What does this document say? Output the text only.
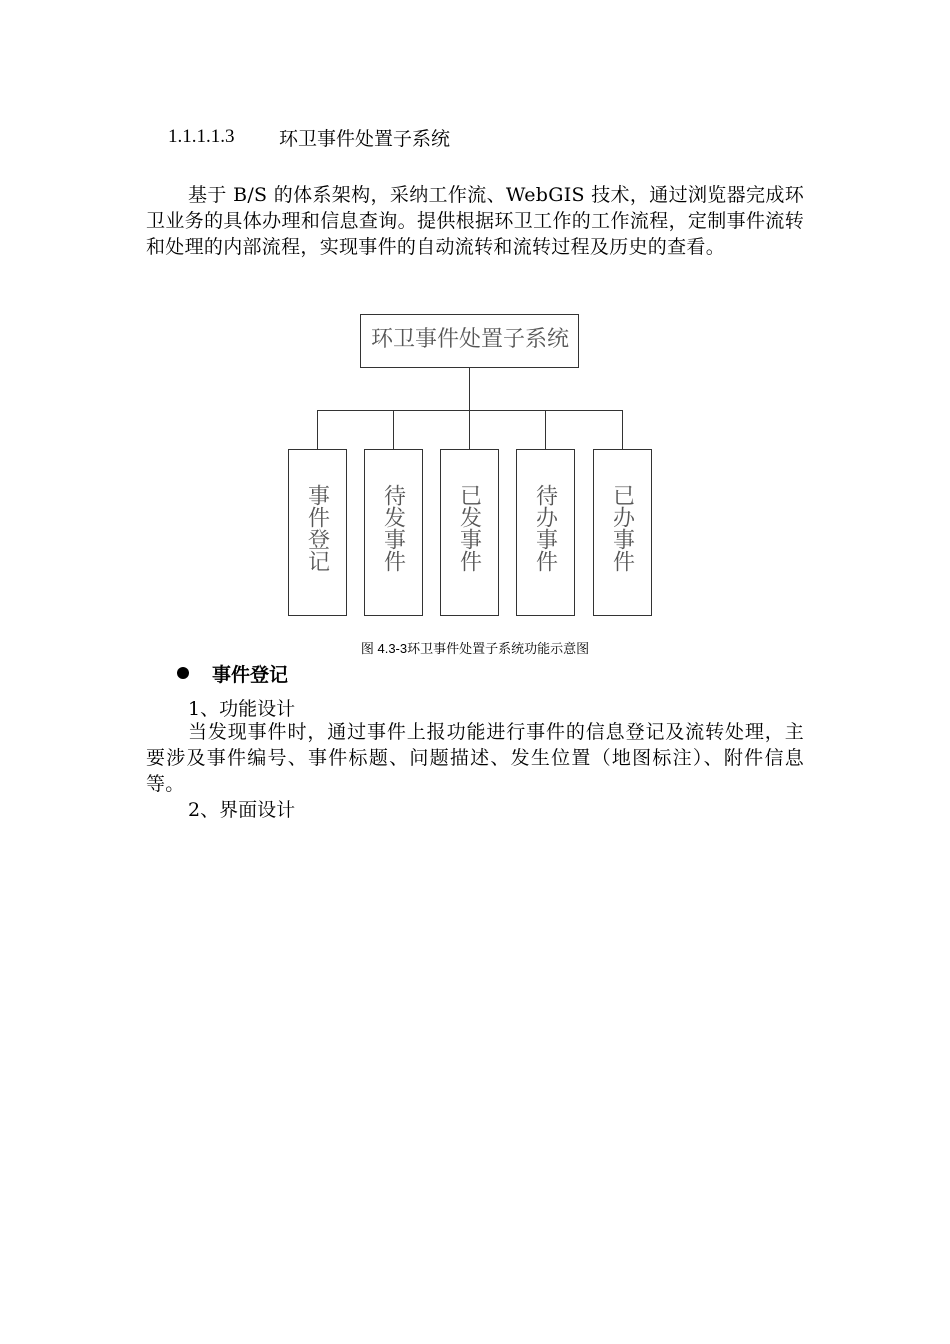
1.1.1.1.3 环卫事件处置子系统

基于 B/S 的体系架构，采纳工作流、WebGIS 技术，通过浏览器完成环卫业务的具体办理和信息查询。提供根据环卫工作的工作流程，定制事件流转和处理的内部流程，实现事件的自动流转和流转过程及历史的查看。

环卫事件处置子系统
事件登记	待发事件	已发事件	待办事件	已办事件
图 4.3-3环卫事件处置子系统功能示意图
事件登记
1、功能设计

当发现事件时，通过事件上报功能进行事件的信息登记及流转处理，主要涉及事件编号、事件标题、问题描述、发生位置（地图标注）、附件信息等。

2、界面设计
